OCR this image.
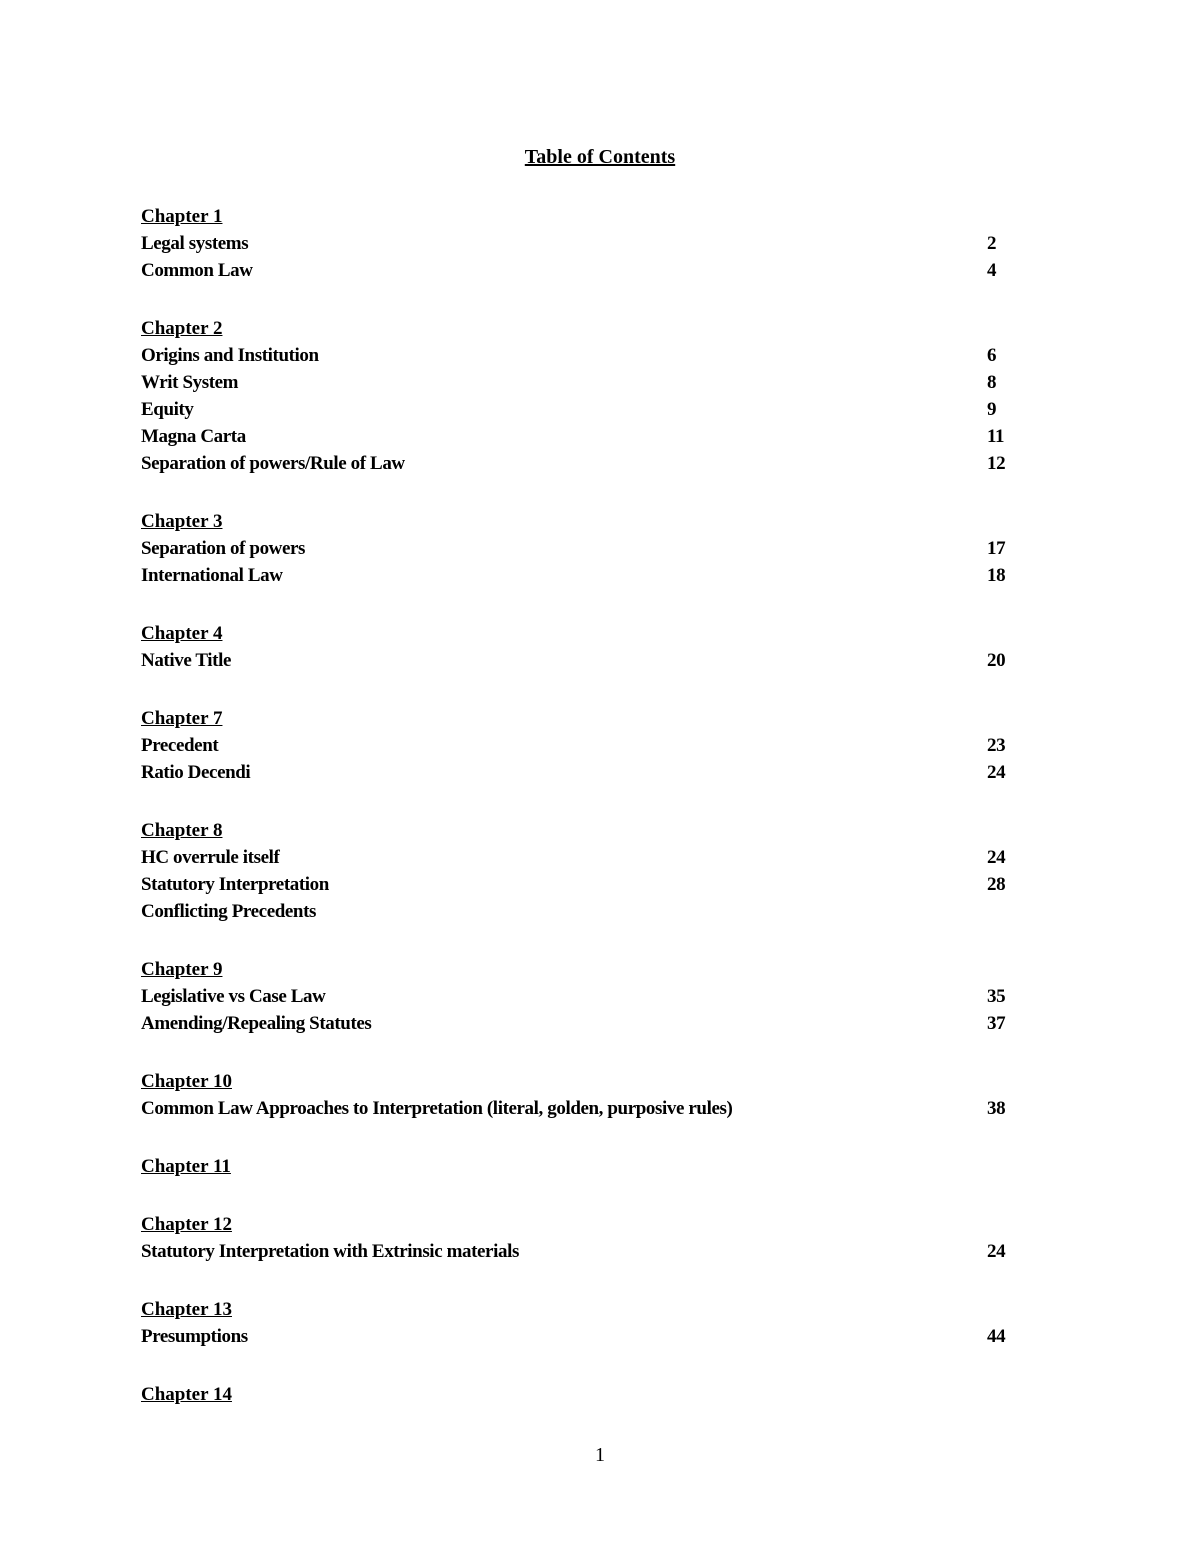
Table of Contents
Chapter 1
Legal systems	2
Common Law	4
Chapter 2
Origins and Institution	6
Writ System	8
Equity	9
Magna Carta	11
Separation of powers/Rule of Law	12
Chapter 3
Separation of powers	17
International Law	18
Chapter 4
Native Title	20
Chapter 7
Precedent	23
Ratio Decendi	24
Chapter 8
HC overrule itself	24
Statutory Interpretation	28
Conflicting Precedents
Chapter 9
Legislative vs Case Law	35
Amending/Repealing Statutes	37
Chapter 10
Common Law Approaches to Interpretation (literal, golden, purposive rules)	38
Chapter 11
Chapter 12
Statutory Interpretation with Extrinsic materials	24
Chapter 13
Presumptions	44
Chapter 14
1
